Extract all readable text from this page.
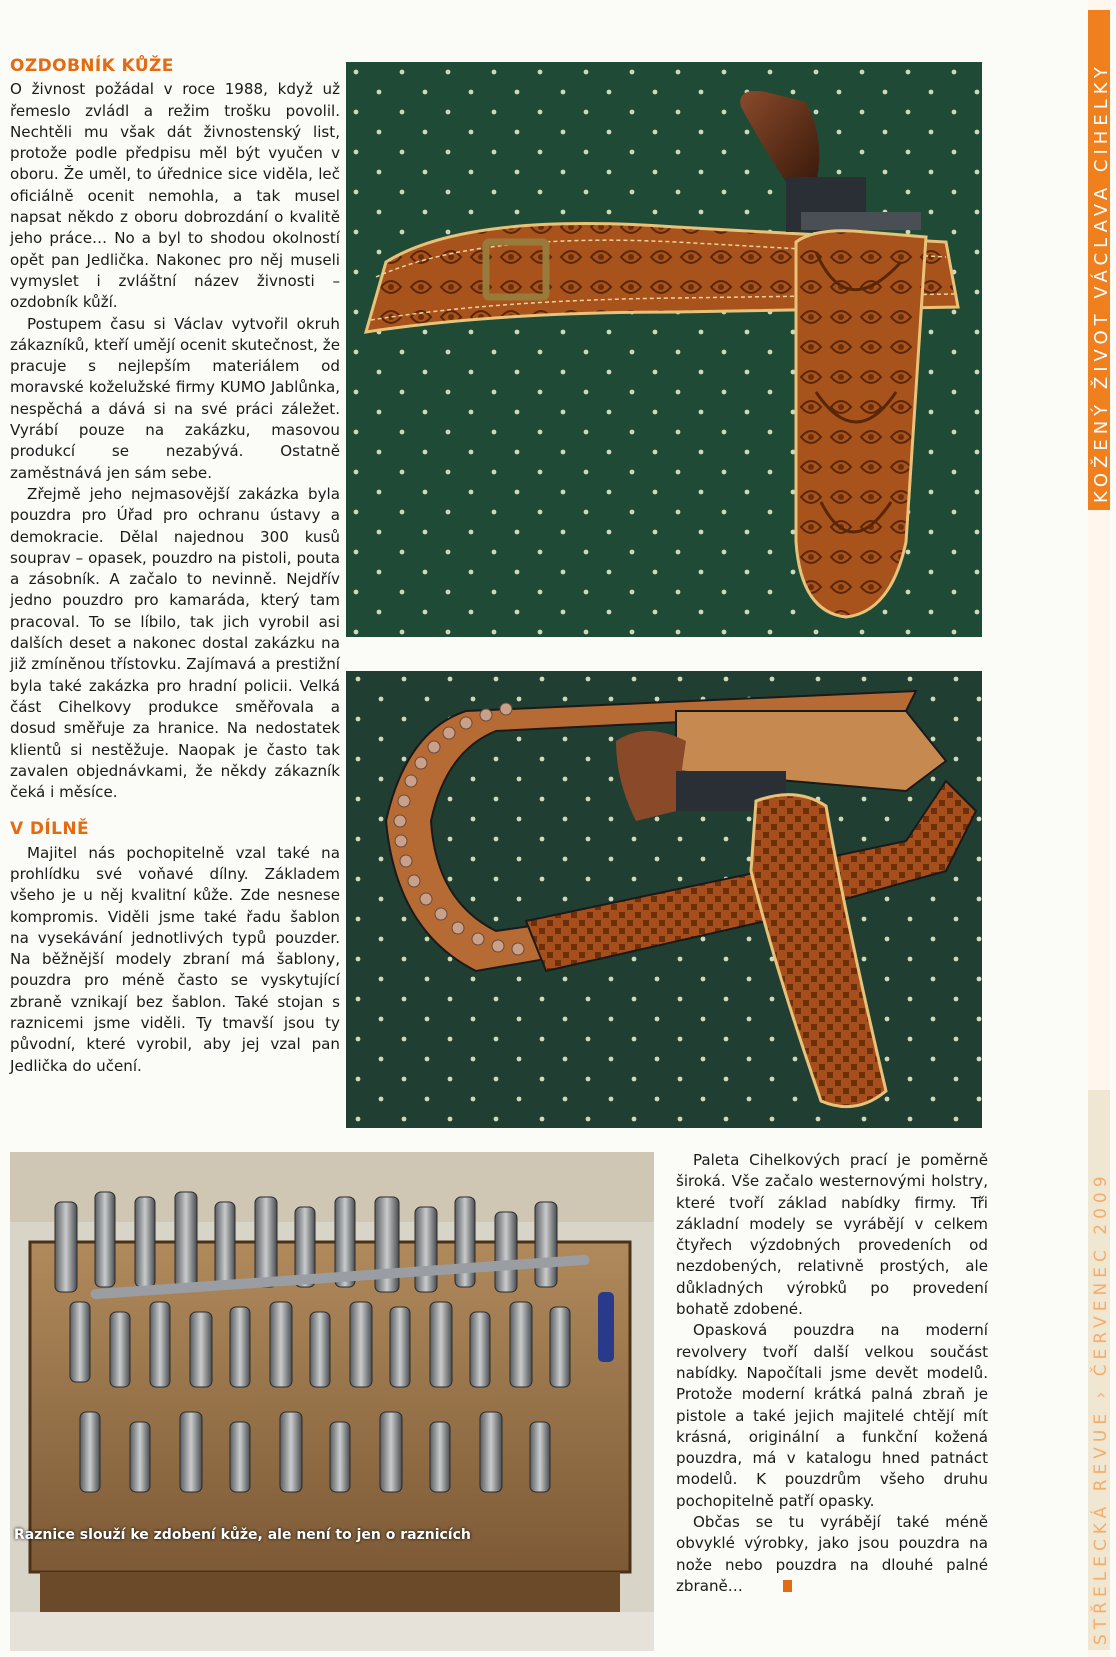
KOŽENÝ ŽIVOT VÁCLAVA CIHELKY
STŘELECKÁ REVUE › ČERVENEC 2009
OZDOBNÍK KŮŽE

O živnost požádal v roce 1988, když už řemeslo zvládl a režim trošku povolil. Nechtěli mu však dát živnostenský list, protože podle předpisu měl být vyučen v oboru. Že uměl, to úřednice sice viděla, leč oficiálně ocenit nemohla, a tak musel napsat někdo z oboru dobrozdání o kvalitě jeho práce… No a byl to shodou okolností opět pan Jedlička. Nakonec pro něj museli vymyslet i zvláštní název živnosti – ozdobník kůží.

Postupem času si Václav vytvořil okruh zákazníků, kteří umějí ocenit skutečnost, že pracuje s nejlepším materiálem od moravské koželužské firmy KUMO Jablůnka, nespěchá a dává si na své práci záležet. Vyrábí pouze na zakázku, masovou produkcí se nezabývá. Ostatně zaměstnává jen sám sebe.

Zřejmě jeho nejmasovější zakázka byla pouzdra pro Úřad pro ochranu ústavy a demokracie. Dělal najednou 300 kusů souprav – opasek, pouzdro na pistoli, pouta a zásobník. A začalo to nevinně. Nejdřív jedno pouzdro pro kamaráda, který tam pracoval. To se líbilo, tak jich vyrobil asi dalších deset a nakonec dostal zakázku na již zmíněnou třístovku. Zajímavá a prestižní byla také zakázka pro hradní policii. Velká část Cihelkovy produkce směřovala a dosud směřuje za hranice. Na nedostatek klientů si nestěžuje. Naopak je často tak zavalen objednávkami, že někdy zákazník čeká i měsíce.

V DÍLNĚ

Majitel nás pochopitelně vzal také na prohlídku své voňavé dílny. Základem všeho je u něj kvalitní kůže. Zde nesnese kompromis. Viděli jsme také řadu šablon na vysekávání jednotlivých typů pouzder. Na běžnější modely zbraní má šablony, pouzdra pro méně často se vyskytující zbraně vznikají bez šablon. Také stojan s raznicemi jsme viděli. Ty tmavší jsou ty původní, které vyrobil, aby jej vzal pan Jedlička do učení.

Paleta Cihelkových prací je poměrně široká. Vše začalo westernovými holstry, které tvoří základ nabídky firmy. Tři základní modely se vyrábějí v celkem čtyřech výzdobných provedeních od nezdobených, relativně prostých, ale důkladných výrobků po provedení bohatě zdobené.

Opasková pouzdra na moderní revolvery tvoří další velkou součást nabídky. Napočítali jsme devět modelů. Protože moderní krátká palná zbraň je pistole a také jejich majitelé chtějí mít krásná, originální a funkční kožená pouzdra, má v katalogu hned patnáct modelů. K pouzdrům všeho druhu pochopitelně patří opasky.

Občas se tu vyrábějí také méně obvyklé výrobky, jako jsou pouzdra na nože nebo pouzdra na dlouhé palné zbraně…

Raznice slouží ke zdobení kůže, ale není to jen o raznicích
